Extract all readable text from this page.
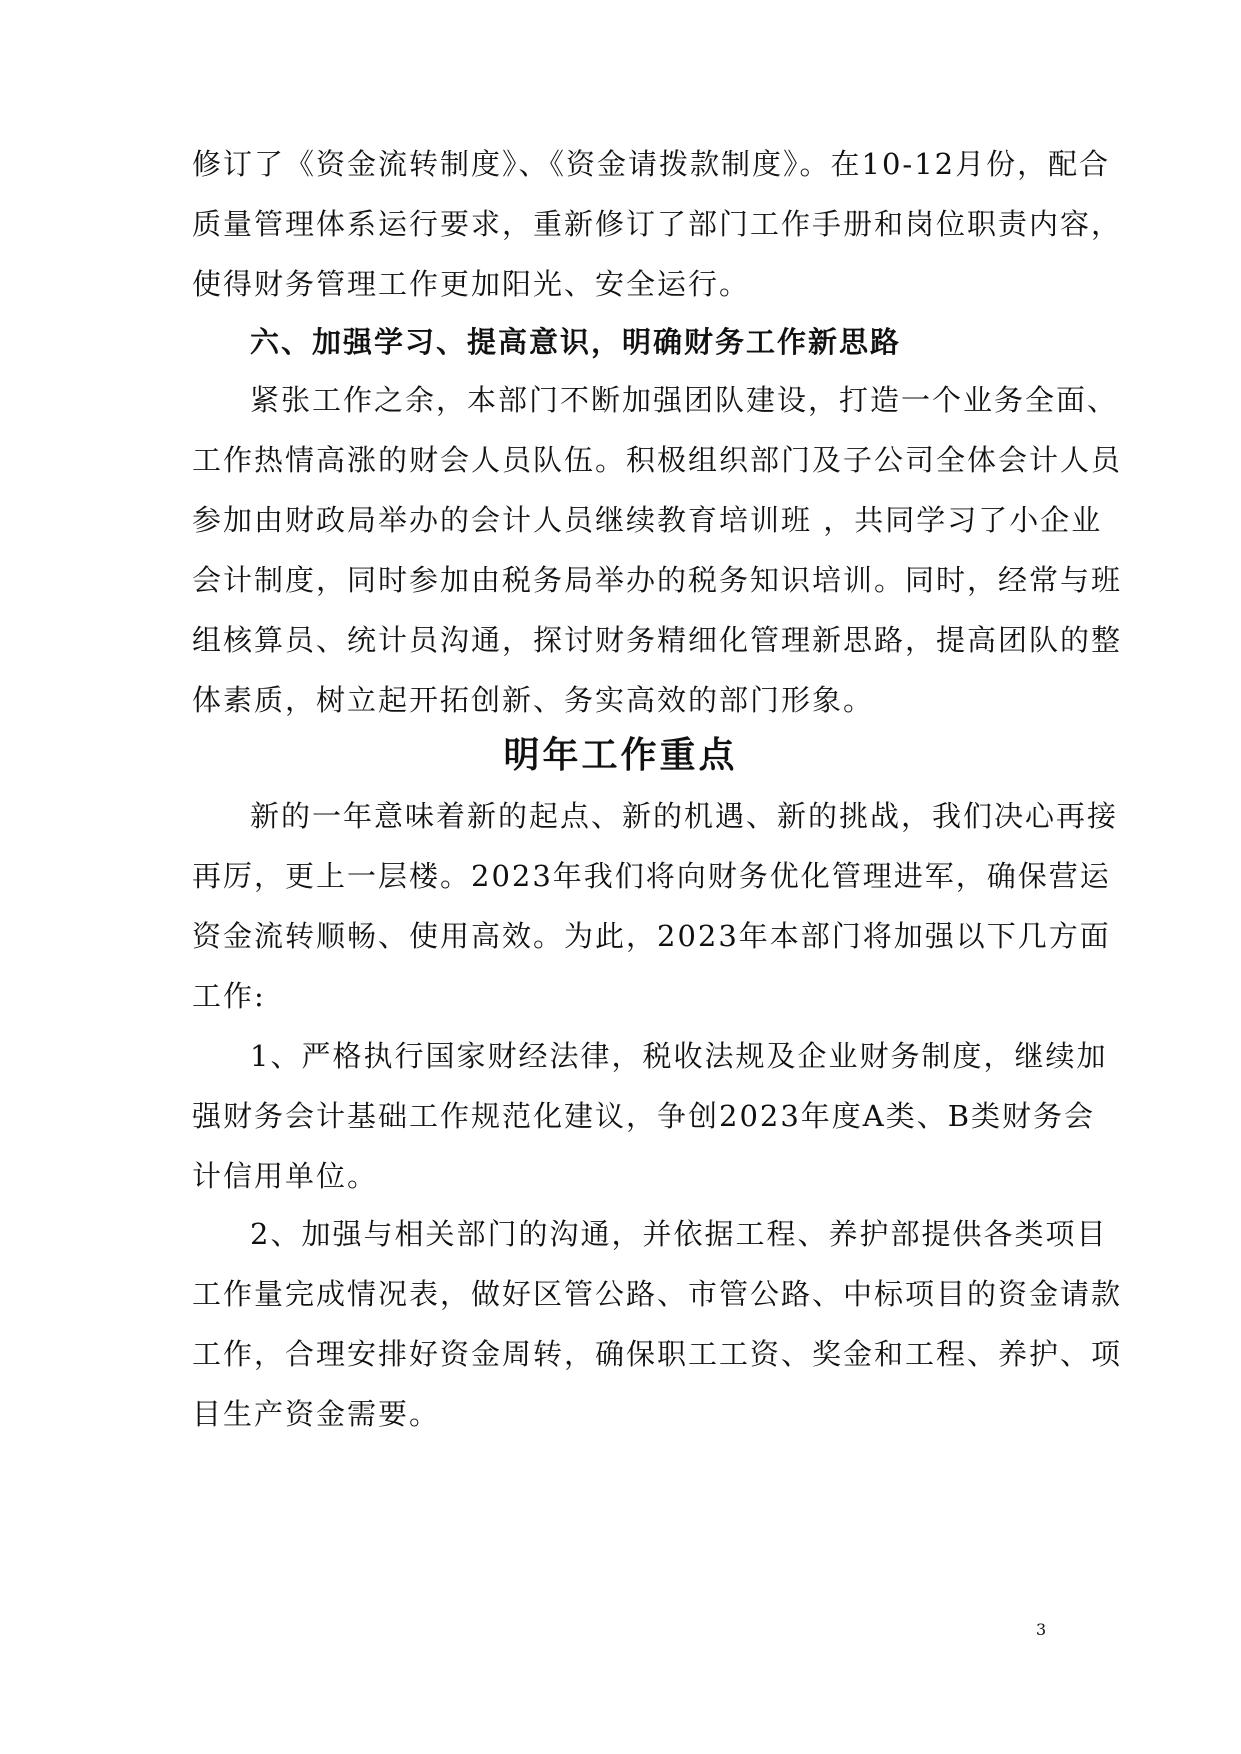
修订了《资金流转制度》、《资金请拨款制度》。在10-12月份，配合
质量管理体系运行要求，重新修订了部门工作手册和岗位职责内容，
使得财务管理工作更加阳光、安全运行。
六、加强学习、提高意识，明确财务工作新思路
紧张工作之余，本部门不断加强团队建设，打造一个业务全面、
工作热情高涨的财会人员队伍。积极组织部门及子公司全体会计人员
参加由财政局举办的会计人员继续教育培训班 ，共同学习了小企业
会计制度，同时参加由税务局举办的税务知识培训。同时，经常与班
组核算员、统计员沟通，探讨财务精细化管理新思路，提高团队的整
体素质，树立起开拓创新、务实高效的部门形象。
明年工作重点
新的一年意味着新的起点、新的机遇、新的挑战，我们决心再接
再厉，更上一层楼。2023年我们将向财务优化管理进军，确保营运
资金流转顺畅、使用高效。为此，2023年本部门将加强以下几方面
工作:
1、严格执行国家财经法律，税收法规及企业财务制度，继续加
强财务会计基础工作规范化建议，争创2023年度A类、B类财务会
计信用单位。
2、加强与相关部门的沟通，并依据工程、养护部提供各类项目
工作量完成情况表，做好区管公路、市管公路、中标项目的资金请款
工作，合理安排好资金周转，确保职工工资、奖金和工程、养护、项
目生产资金需要。
3
